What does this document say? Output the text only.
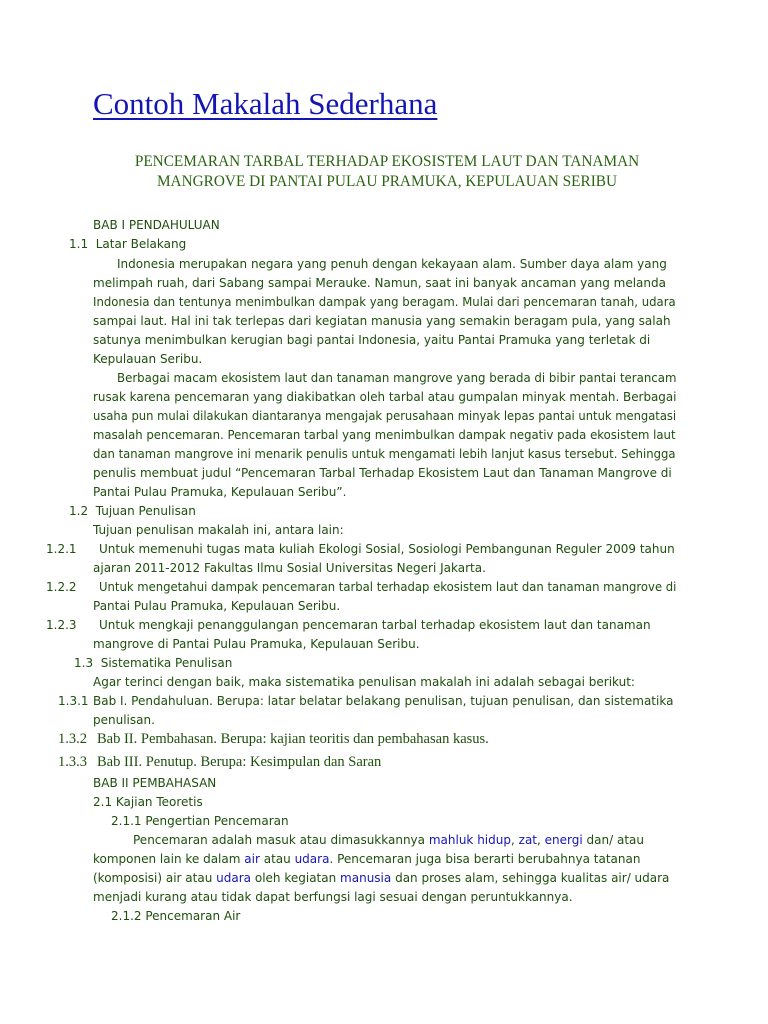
Contoh Makalah Sederhana
PENCEMARAN TARBAL TERHADAP EKOSISTEM LAUT DAN TANAMAN
MANGROVE DI PANTAI PULAU PRAMUKA, KEPULAUAN SERIBU
BAB I PENDAHULUAN
1.1 Latar Belakang
Indonesia merupakan negara yang penuh dengan kekayaan alam. Sumber daya alam yang
melimpah ruah, dari Sabang sampai Merauke. Namun, saat ini banyak ancaman yang melanda
Indonesia dan tentunya menimbulkan dampak yang beragam. Mulai dari pencemaran tanah, udara
sampai laut. Hal ini tak terlepas dari kegiatan manusia yang semakin beragam pula, yang salah
satunya menimbulkan kerugian bagi pantai Indonesia, yaitu Pantai Pramuka yang terletak di
Kepulauan Seribu.
Berbagai macam ekosistem laut dan tanaman mangrove yang berada di bibir pantai terancam
rusak karena pencemaran yang diakibatkan oleh tarbal atau gumpalan minyak mentah. Berbagai
usaha pun mulai dilakukan diantaranya mengajak perusahaan minyak lepas pantai untuk mengatasi
masalah pencemaran. Pencemaran tarbal yang menimbulkan dampak negativ pada ekosistem laut
dan tanaman mangrove ini menarik penulis untuk mengamati lebih lanjut kasus tersebut. Sehingga
penulis membuat judul “Pencemaran Tarbal Terhadap Ekosistem Laut dan Tanaman Mangrove di
Pantai Pulau Pramuka, Kepulauan Seribu”.
1.2 Tujuan Penulisan
Tujuan penulisan makalah ini, antara lain:
1.2.1 Untuk memenuhi tugas mata kuliah Ekologi Sosial, Sosiologi Pembangunan Reguler 2009 tahun
ajaran 2011-2012 Fakultas Ilmu Sosial Universitas Negeri Jakarta.
1.2.2 Untuk mengetahui dampak pencemaran tarbal terhadap ekosistem laut dan tanaman mangrove di
Pantai Pulau Pramuka, Kepulauan Seribu.
1.2.3 Untuk mengkaji penanggulangan pencemaran tarbal terhadap ekosistem laut dan tanaman
mangrove di Pantai Pulau Pramuka, Kepulauan Seribu.
1.3 Sistematika Penulisan
Agar terinci dengan baik, maka sistematika penulisan makalah ini adalah sebagai berikut:
1.3.1 Bab I. Pendahuluan. Berupa: latar belatar belakang penulisan, tujuan penulisan, dan sistematika
penulisan.
1.3.2 Bab II. Pembahasan. Berupa: kajian teoritis dan pembahasan kasus.
1.3.3 Bab III. Penutup. Berupa: Kesimpulan dan Saran
BAB II PEMBAHASAN
2.1 Kajian Teoretis
2.1.1 Pengertian Pencemaran
Pencemaran adalah masuk atau dimasukkannya mahluk hidup, zat, energi dan/ atau
komponen lain ke dalam air atau udara. Pencemaran juga bisa berarti berubahnya tatanan
(komposisi) air atau udara oleh kegiatan manusia dan proses alam, sehingga kualitas air/ udara
menjadi kurang atau tidak dapat berfungsi lagi sesuai dengan peruntukkannya.
2.1.2 Pencemaran Air
